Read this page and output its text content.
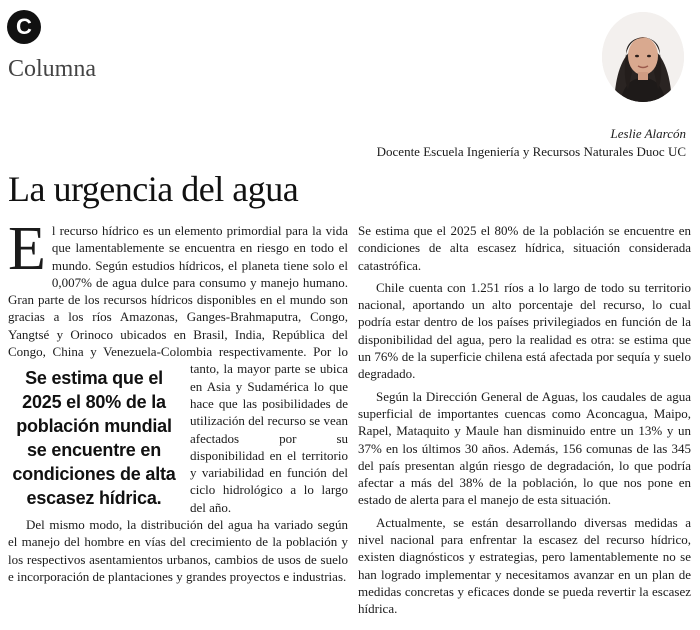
C
Columna
Leslie Alarcón
Docente Escuela Ingeniería y Recursos Naturales Duoc UC
La urgencia del agua

E l recurso hídrico es un elemento primordial para la vida que lamentablemente se encuentra en riesgo en todo el mundo. Según estudios hídricos, el planeta tiene solo el 0,007% de agua dulce para consumo y manejo humano. Gran parte de los recursos hídricos disponibles en el mundo son gracias a los ríos Amazonas, Ganges-Brahmaputra, Congo, Yangtsé y Orinoco ubicados en Brasil, India, República del Congo, China y Venezuela-Colombia
Se estima que el 2025 el 80% de la población mundial se encuentre en condiciones de alta escasez hídrica.
respectivamente. Por lo tanto, la mayor parte se ubica en Asia y Sudamérica lo que hace que las posibilidades de utilización del recurso se vean afectados por su disponibilidad en el territorio y variabilidad en función del ciclo hidrológico a lo largo del año.

Del mismo modo, la distribución del agua ha variado según el manejo del hombre en vías del crecimiento de la población y los respectivos asentamientos urbanos, cambios de usos de suelo e incorporación de plantaciones y grandes proyectos e industrias.

Se estima que el 2025 el 80% de la población se encuentre en condiciones de alta escasez hídrica, situación considerada catastrófica.

Chile cuenta con 1.251 ríos a lo largo de todo su territorio nacional, aportando un alto porcentaje del recurso, lo cual podría estar dentro de los países privilegiados en función de la disponibilidad del agua, pero la realidad es otra: se estima que un 76% de la superficie chilena está afectada por sequía y suelo degradado.

Según la Dirección General de Aguas, los caudales de agua superficial de importantes cuencas como Aconcagua, Maipo, Rapel, Mataquito y Maule han disminuido entre un 13% y un 37% en los últimos 30 años. Además, 156 comunas de las 345 del país presentan algún riesgo de degradación, lo que podría afectar a más del 38% de la población, lo que nos pone en estado de alerta para el manejo de esta situación.

Actualmente, se están desarrollando diversas medidas a nivel nacional para enfrentar la escasez del recurso hídrico, existen diagnósticos y estrategias, pero lamentablemente no se han logrado implementar y necesitamos avanzar en un plan de medidas concretas y eficaces donde se pueda revertir la escasez hídrica.
